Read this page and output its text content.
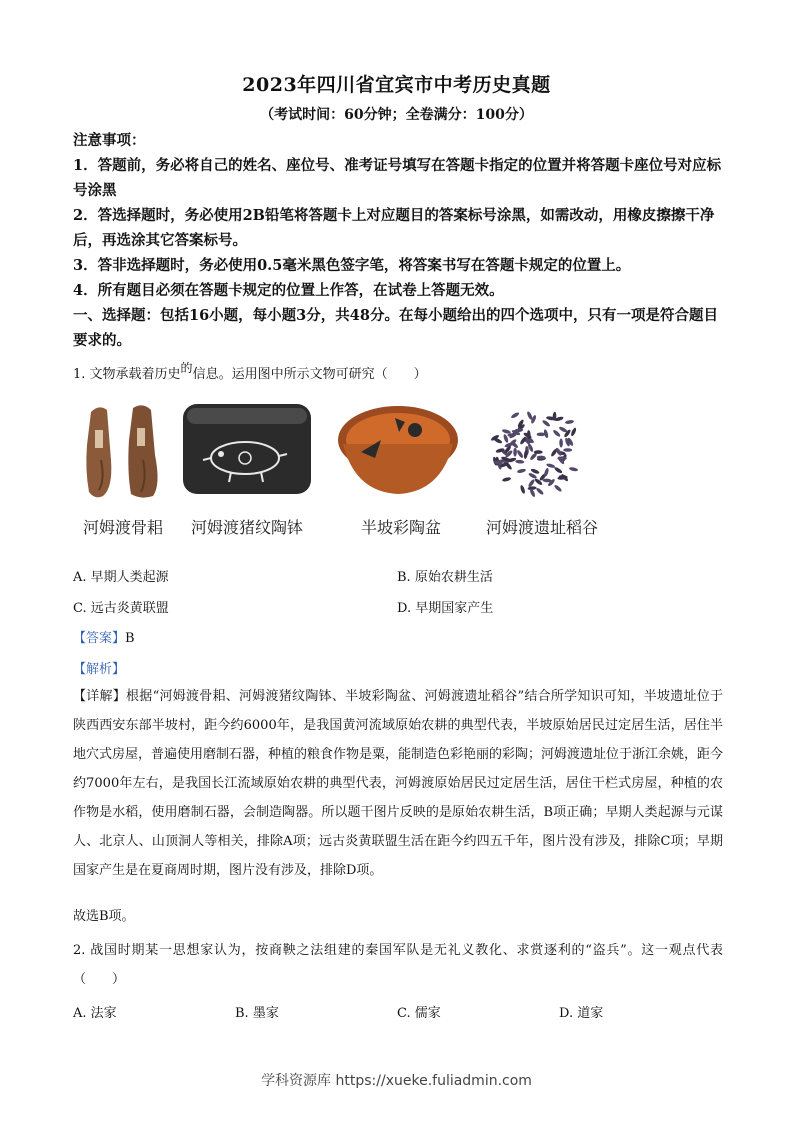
2023年四川省宜宾市中考历史真题
（考试时间：60分钟；全卷满分：100分）
注意事项：
1．答题前，务必将自己的姓名、座位号、准考证号填写在答题卡指定的位置并将答题卡座位号对应标号涂黑
2．答选择题时，务必使用2B铅笔将答题卡上对应题目的答案标号涂黑，如需改动，用橡皮擦擦干净后，再选涂其它答案标号。
3．答非选择题时，务必使用0.5毫米黑色签字笔，将答案书写在答题卡规定的位置上。
4．所有题目必须在答题卡规定的位置上作答，在试卷上答题无效。
一、选择题：包括16小题，每小题3分，共48分。在每小题给出的四个选项中，只有一项是符合题目要求的。
1. 文物承载着历史的信息。运用图中所示文物可研究（　　）
河姆渡骨耜 河姆渡猪纹陶钵	半坡彩陶盆	河姆渡遗址稻谷
A. 早期人类起源	B. 原始农耕生活
C. 远古炎黄联盟	D. 早期国家产生
【答案】B
【解析】
【详解】根据“河姆渡骨耜、河姆渡猪纹陶钵、半坡彩陶盆、河姆渡遗址稻谷”结合所学知识可知，半坡遗址位于陕西西安东部半坡村，距今约6000年，是我国黄河流域原始农耕的典型代表，半坡原始居民过定居生活，居住半地穴式房屋，普遍使用磨制石器，种植的粮食作物是粟，能制造色彩艳丽的彩陶；河姆渡遗址位于浙江余姚，距今约7000年左右，是我国长江流域原始农耕的典型代表，河姆渡原始居民过定居生活，居住干栏式房屋，种植的农作物是水稻，使用磨制石器，会制造陶器。所以题干图片反映的是原始农耕生活，B项正确；早期人类起源与元谋人、北京人、山顶洞人等相关，排除A项；远古炎黄联盟生活在距今约四五千年，图片没有涉及，排除C项；早期国家产生是在夏商周时期，图片没有涉及，排除D项。
故选B项。
2. 战国时期某一思想家认为，按商鞅之法组建的秦国军队是无礼义教化、求赏逐利的“盗兵”。这一观点代表（　　）
A. 法家	B. 墨家	C. 儒家	D. 道家
学科资源库 https://xueke.fuliadmin.com
